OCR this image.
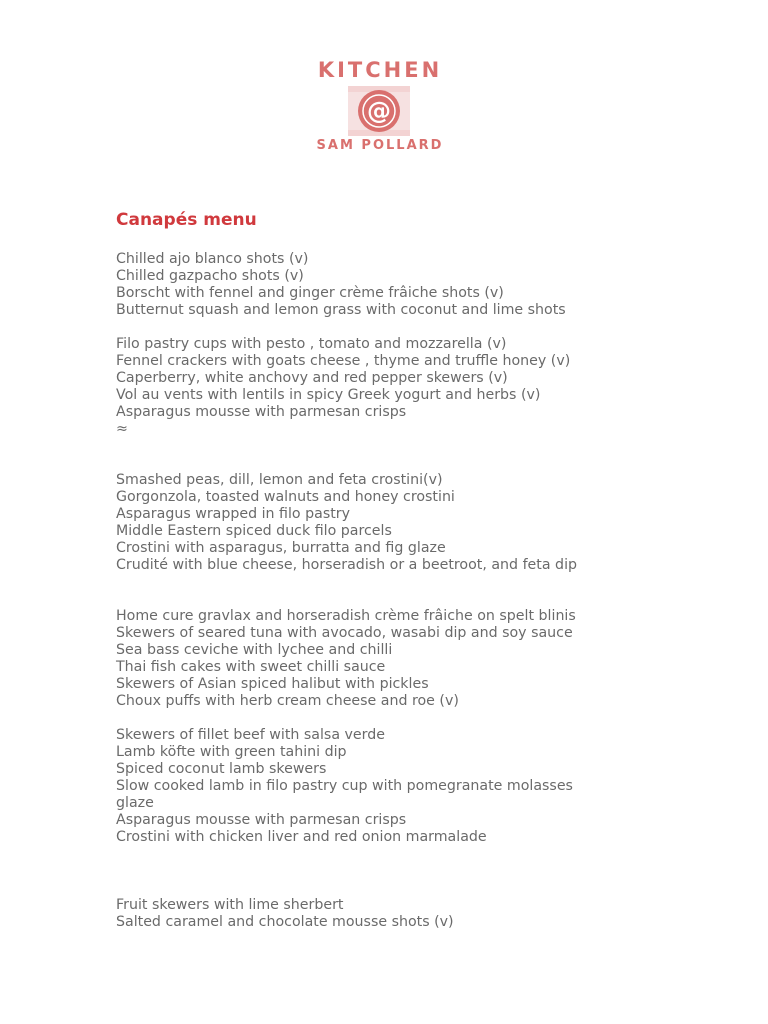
KITCHEN
@
SAM POLLARD
Canapés menu

Chilled ajo blanco shots (v)

Chilled gazpacho shots (v)

Borscht with fennel and ginger crème frâiche shots (v)

Butternut squash and lemon grass with coconut and lime shots

Filo pastry cups with pesto , tomato and mozzarella (v)

Fennel crackers with goats cheese , thyme and truffle honey (v)

Caperberry, white anchovy and red pepper skewers (v)

Vol au vents with lentils in spicy Greek yogurt and herbs (v)

Asparagus mousse with parmesan crisps

≈

Smashed peas, dill, lemon and feta crostini(v)

Gorgonzola, toasted walnuts and honey crostini

Asparagus wrapped in filo pastry

Middle Eastern spiced duck filo parcels

Crostini with asparagus, burratta and fig glaze

Crudité with blue cheese, horseradish or a beetroot, and feta dip

Home cure gravlax and horseradish crème frâiche on spelt blinis

Skewers of seared tuna with avocado, wasabi dip and soy sauce

Sea bass ceviche with lychee and chilli

Thai fish cakes with sweet chilli sauce

Skewers of Asian spiced halibut with pickles

Choux puffs with herb cream cheese and roe (v)

Skewers of fillet beef with salsa verde

Lamb köfte with green tahini dip

Spiced coconut lamb skewers

Slow cooked lamb in filo pastry cup with pomegranate molasses

glaze

Asparagus mousse with parmesan crisps

Crostini with chicken liver and red onion marmalade

Fruit skewers with lime sherbert

Salted caramel and chocolate mousse shots (v)
